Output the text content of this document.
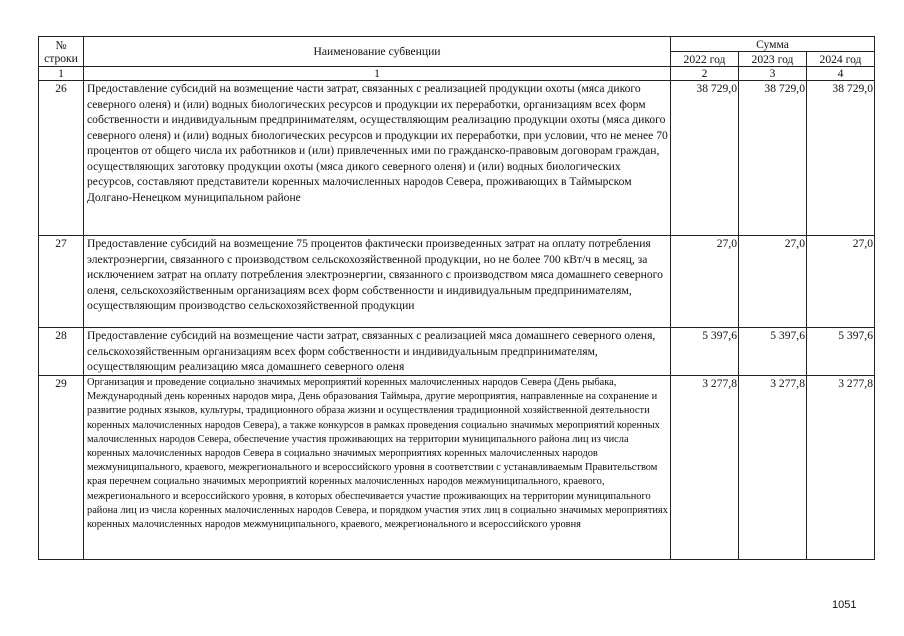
№
строки	Наименование субвенции	Сумма		
		2022 год	2023 год	2024 год
1	1	2	3	4
26	Предоставление субсидий на возмещение части затрат, связанных с реализацией продукции охоты (мяса дикого северного оленя) и (или) водных биологических ресурсов и продукции их переработки, организациям всех форм собственности и индивидуальным предпринимателям, осуществляющим реализацию продукции охоты (мяса дикого северного оленя) и (или) водных биологических ресурсов и продукции их переработки, при условии, что не менее 70 процентов от общего числа их работников и (или) привлеченных ими по гражданско-правовым договорам граждан, осуществляющих заготовку продукции охоты (мяса дикого северного оленя) и (или) водных биологических ресурсов, составляют представители коренных малочисленных народов Севера, проживающих в Таймырском Долгано-Ненецком муниципальном районе	38 729,0	38 729,0	38 729,0
27	Предоставление субсидий на возмещение 75 процентов фактически произведенных затрат на оплату потребления электроэнергии, связанного с производством сельскохозяйственной продукции, но не более 700 кВт/ч в месяц, за исключением затрат на оплату потребления электроэнергии, связанного с производством мяса домашнего северного оленя, сельскохозяйственным организациям всех форм собственности и индивидуальным предпринимателям, осуществляющим производство сельскохозяйственной продукции	27,0	27,0	27,0
28	Предоставление субсидий на возмещение части затрат, связанных с реализацией мяса домашнего северного оленя, сельскохозяйственным организациям всех форм собственности и индивидуальным предпринимателям, осуществляющим реализацию мяса домашнего северного оленя	5 397,6	5 397,6	5 397,6
29	Организация и проведение социально значимых мероприятий коренных малочисленных народов Севера (День рыбака, Международный день коренных народов мира, День образования Таймыра, другие мероприятия, направленные на сохранение и развитие родных языков, культуры, традиционного образа жизни и осуществления традиционной хозяйственной деятельности коренных малочисленных народов Севера), а также конкурсов в рамках проведения социально значимых мероприятий коренных малочисленных народов Севера, обеспечение участия проживающих на территории муниципального района лиц из числа коренных малочисленных народов Севера в социально значимых мероприятиях коренных малочисленных народов межмуниципального, краевого, межрегионального и всероссийского уровня в соответствии с устанавливаемым Правительством края перечнем социально значимых мероприятий коренных малочисленных народов межмуниципального, краевого, межрегионального и всероссийского уровня, в которых обеспечивается участие проживающих на территории муниципального района лиц из числа коренных малочисленных народов Севера, и порядком участия этих лиц в социально значимых мероприятиях коренных малочисленных народов межмуниципального, краевого, межрегионального и всероссийского уровня	3 277,8	3 277,8	3 277,8
1051
